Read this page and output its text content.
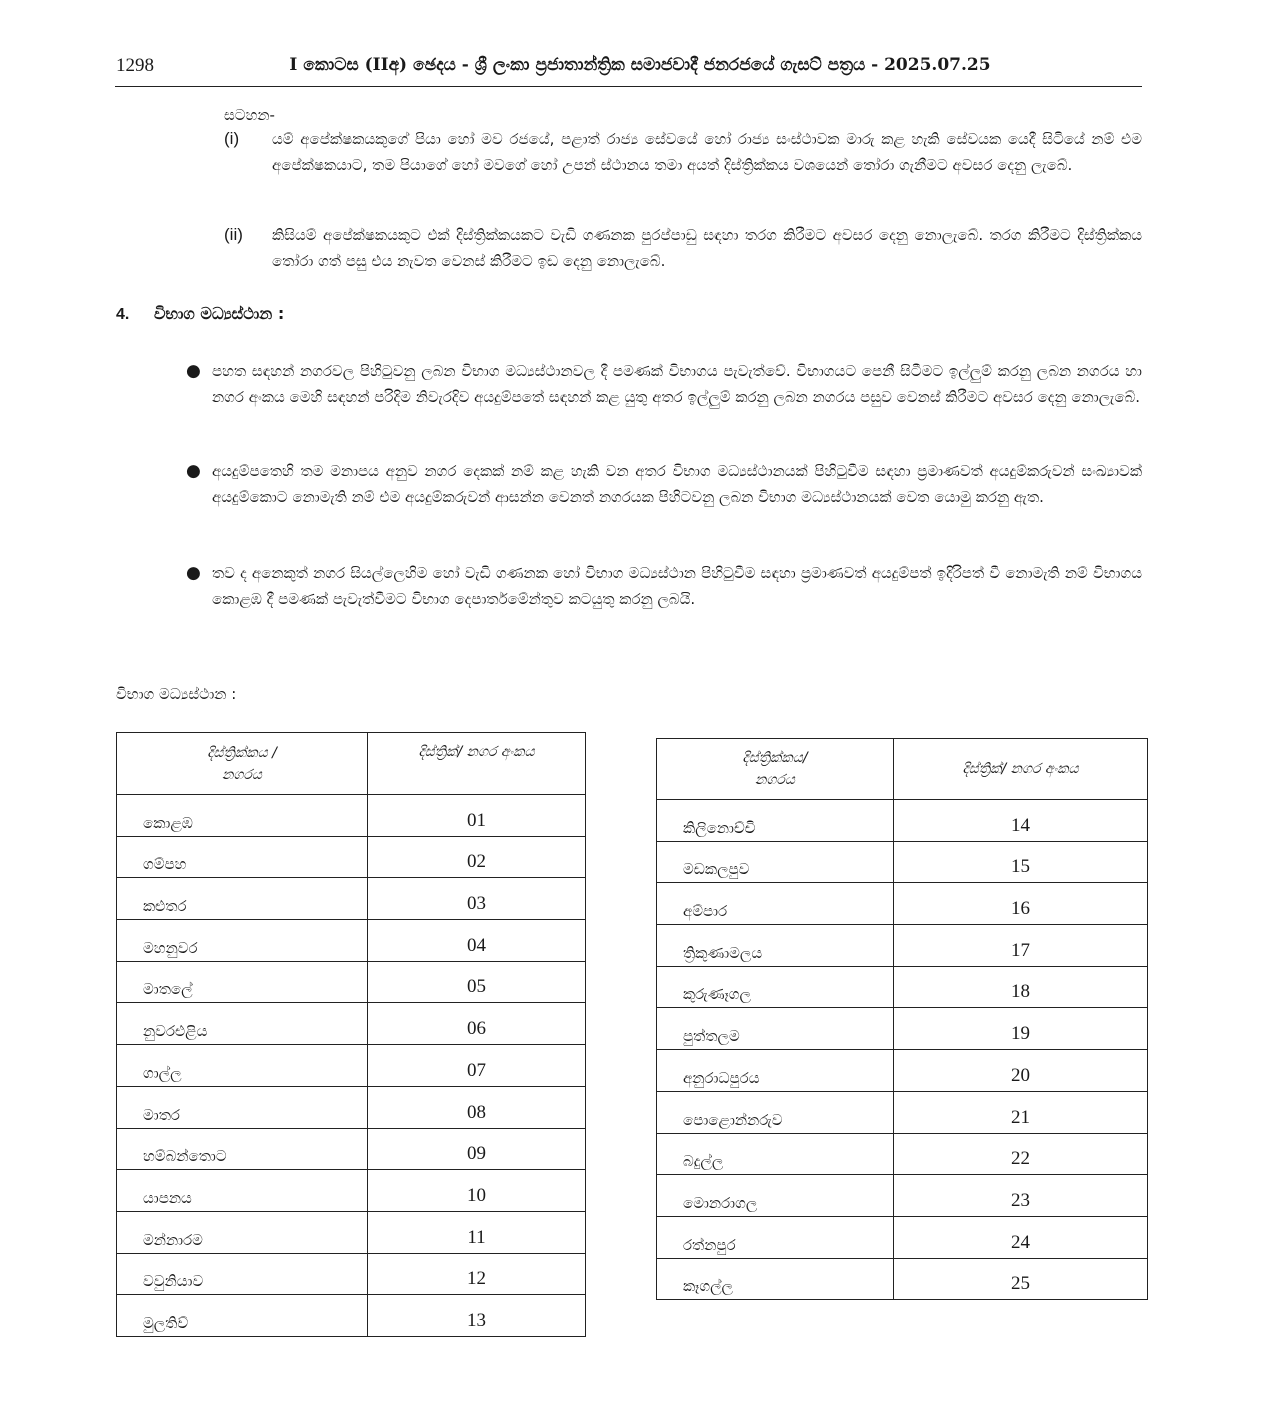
1298	I කොටස (IIඅ) ඡෙදය - ශ්‍රී ලංකා ප්‍රජාතාන්ත්‍රික සමාජවාදී ජනරජයේ ගැසට් පත්‍රය - 2025.07.25
සටහන-
(i) යම් අපේක්ෂකයකුගේ පියා හෝ මව රජයේ, පළාත් රාජ්‍ය සේවයේ හෝ රාජ්‍ය සංස්ථාවක මාරු කළ හැකි සේවයක යෙදී සිටියේ නම් එම අපේක්ෂකයාට, තම පියාගේ හෝ මවගේ හෝ උපන් ස්ථානය තමා අයත් දිස්ත්‍රික්කය වශයෙන් තෝරා ගැනීමට අවසර දෙනු ලැබේ.
(ii) කිසියම් අපේක්ෂකයකුට එක් දිස්ත්‍රික්කයකට වැඩි ගණනක පුරප්පාඩු සඳහා තරග කිරීමට අවසර දෙනු නොලැබේ. තරග කිරීමට දිස්ත්‍රික්කය තෝරා ගත් පසු එය නැවත වෙනස් කිරීමට ඉඩ දෙනු නොලැබේ.
4. විභාග මධ්‍යස්ථාන :
● පහත සඳහන් නගරවල පිහිටුවනු ලබන විභාග මධ්‍යස්ථානවල දී පමණක් විභාගය පැවැත්වේ. විභාගයට පෙනී සිටීමට ඉල්ලුම් කරනු ලබන නගරය හා නගර අංකය මෙහි සඳහන් පරිදිම නිවැරදිව අයදුම්පතේ සඳහන් කළ යුතු අතර ඉල්ලුම් කරනු ලබන නගරය පසුව වෙනස් කිරීමට අවසර දෙනු නොලැබේ.
● අයදුම්පතෙහි තම මනාපය අනුව නගර දෙකක් නම් කළ හැකි වන අතර විභාග මධ්‍යස්ථානයක් පිහිටුවීම සඳහා ප්‍රමාණවත් අයදුම්කරුවන් සංඛ්‍යාවක් අයදුම්කොට නොමැති නම් එම අයදුම්කරුවන් ආසන්න වෙනත් නගරයක පිහිටවනු ලබන විභාග මධ්‍යස්ථානයක් වෙත යොමු කරනු ඇත.
● තව ද අනෙකුත් නගර සියල්ලෙහිම හෝ වැඩි ගණනක හෝ විභාග මධ්‍යස්ථාන පිහිටුවීම සඳහා ප්‍රමාණවත් අයදුම්පත් ඉදිරිපත් වී නොමැති නම් විභාගය කොළඹ දී පමණක් පැවැත්වීමට විභාග දෙපාර්තමේන්තුව කටයුතු කරනු ලබයි.
විභාග මධ්‍යස්ථාන :
දිස්ත්‍රික්කය /
නගරය	දිස්ත්‍රික්/ නගර අංකය
කොළඹ	01
ගම්පහ	02
කළුතර	03
මහනුවර	04
මාතලේ	05
නුවරඑළිය	06
ගාල්ල	07
මාතර	08
හම්බන්තොට	09
යාපනය	10
මන්නාරම	11
වවුනියාව	12
මුලතිව්	13
දිස්ත්‍රික්කය/
නගරය	දිස්ත්‍රික්/ නගර අංකය
කිලිනොච්චි	14
මඩකලපුව	15
අම්පාර	16
ත්‍රිකුණාමලය	17
කුරුණෑගල	18
පුත්තලම	19
අනුරාධපුරය	20
පොළොන්නරුව	21
බදුල්ල	22
මොනරාගල	23
රත්නපුර	24
කෑගල්ල	25
